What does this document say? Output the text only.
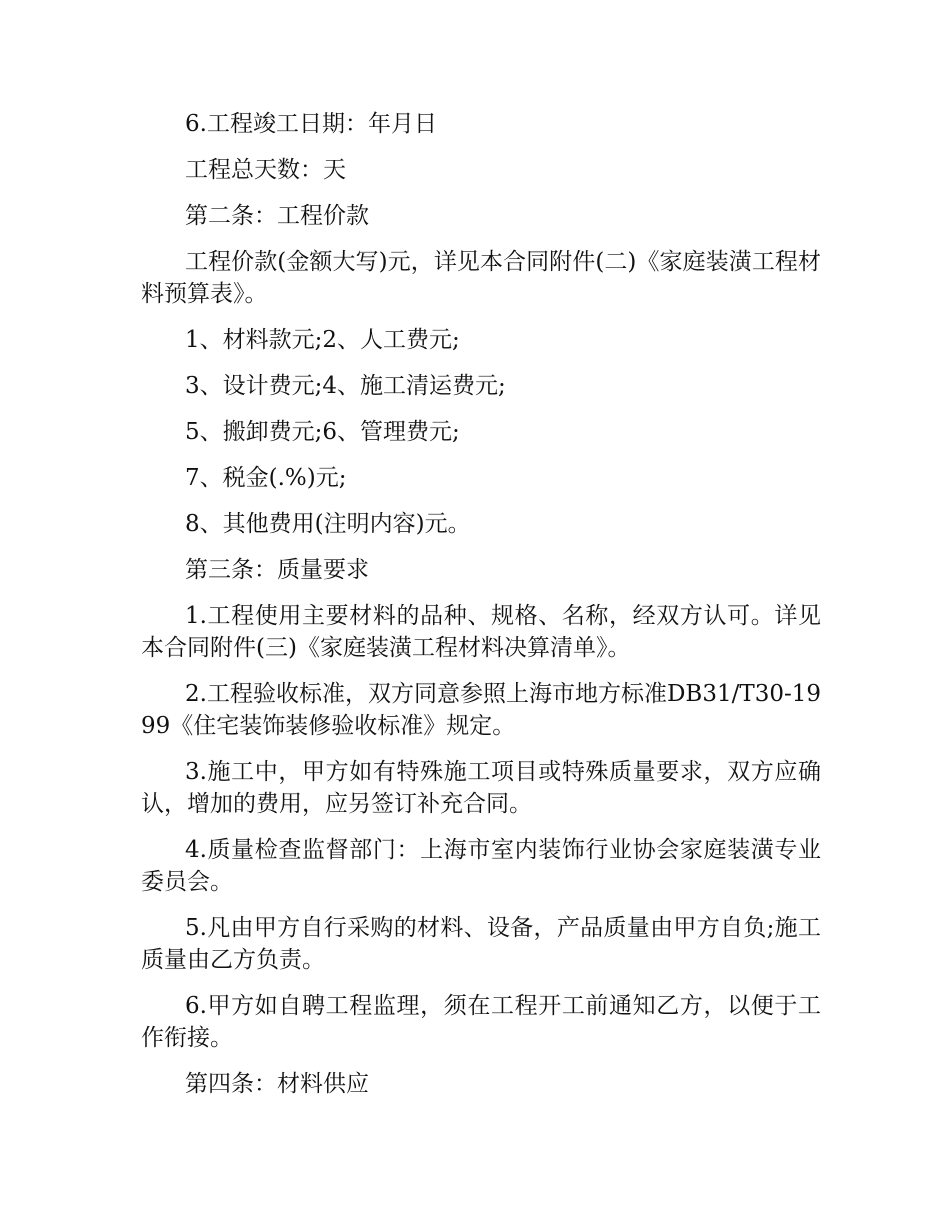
6.工程竣工日期：年月日

工程总天数：天

第二条：工程价款

工程价款(金额大写)元，详见本合同附件(二)《家庭装潢工程材料预算表》。

1、材料款元;2、人工费元;

3、设计费元;4、施工清运费元;

5、搬卸费元;6、管理费元;

7、税金(.%)元;

8、其他费用(注明内容)元。

第三条：质量要求

1.工程使用主要材料的品种、规格、名称，经双方认可。详见本合同附件(三)《家庭装潢工程材料决算清单》。

2.工程验收标准，双方同意参照上海市地方标准DB31/T30-1999《住宅装饰装修验收标准》规定。

3.施工中，甲方如有特殊施工项目或特殊质量要求，双方应确认，增加的费用，应另签订补充合同。

4.质量检查监督部门：上海市室内装饰行业协会家庭装潢专业委员会。

5.凡由甲方自行采购的材料、设备，产品质量由甲方自负;施工质量由乙方负责。

6.甲方如自聘工程监理，须在工程开工前通知乙方，以便于工作衔接。

第四条：材料供应
